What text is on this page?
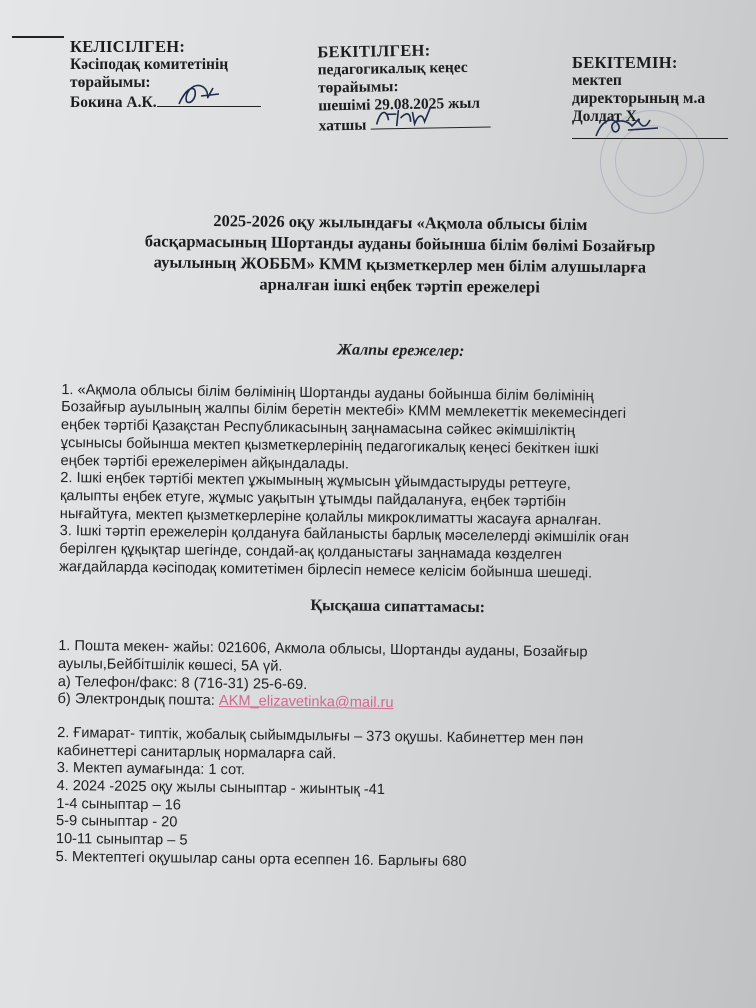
КЕЛІСІЛГЕН:
Кәсіподақ комитетінің
төрайымы:
Бокина А.К.
БЕКІТІЛГЕН:
педагогикалық кеңес
төрайымы:
шешімі 29.08.2025 жыл
хатшы
БЕКІТЕМІН:
мектеп
директорының м.а
Долдат Х.
2025-2026 оқу жылындағы «Ақмола облысы білім
басқармасының Шортанды ауданы бойынша білім бөлімі Бозайғыр
ауылының ЖОББМ» КММ қызметкерлер мен білім алушыларға
арналған ішкі еңбек тәртіп ережелері
Жалпы ережелер:
1. «Ақмола облысы білім бөлімінің Шортанды ауданы бойынша білім бөлімінің
Бозайғыр ауылының жалпы білім беретін мектебі» КММ мемлекеттік мекемесіндегі
еңбек тәртібі Қазақстан Республикасының заңнамасына сәйкес әкімшіліктің
ұсынысы бойынша мектеп қызметкерлерінің педагогикалық кеңесі бекіткен ішкі
еңбек тәртібі ережелерімен айқындалады.
2. Ішкі еңбек тәртібі мектеп ұжымының жұмысын ұйымдастыруды реттеуге,
қалыпты еңбек етуге, жұмыс уақытын ұтымды пайдалануға, еңбек тәртібін
нығайтуға, мектеп қызметкерлеріне қолайлы микроклиматты жасауға арналған.
3. Ішкі тәртіп ережелерін қолдануға байланысты барлық мәселелерді әкімшілік оған
берілген құқықтар шегінде, сондай-ақ қолданыстағы заңнамада көзделген
жағдайларда кәсіподақ комитетімен бірлесіп немесе келісім бойынша шешеді.
Қысқаша сипаттамасы:
1. Пошта мекен- жайы: 021606, Акмола облысы, Шортанды ауданы, Бозайғыр
ауылы,Бейбітшілік көшесі, 5А үй.
а) Телефон/факс: 8 (716-31) 25-6-69.
б) Электрондық пошта: AKM_elizavetinka@mail.ru
2. Ғимарат- типтік, жобалық сыйымдылығы – 373 оқушы. Кабинеттер мен пән
кабинеттері санитарлық нормаларға сай.
3. Мектеп аумағында: 1 сот.
4. 2024 -2025 оқу жылы сыныптар - жиынтық -41
1-4 сыныптар – 16
5-9 сыныптар - 20
10-11 сыныптар – 5
5. Мектептегі оқушылар саны орта есеппен 16. Барлығы 680
